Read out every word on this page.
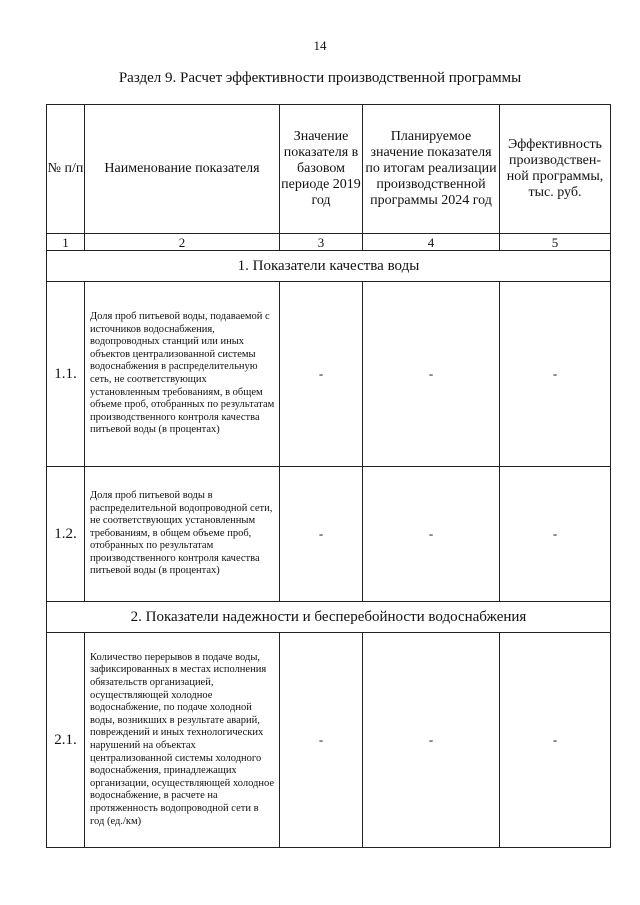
14
Раздел 9. Расчет эффективности производственной программы
№ п/п	Наименование показателя	Значение показателя в базовом периоде 2019 год	Планируемое значение показателя по итогам реализации производственной программы 2024 год	Эффективность производствен-ной программы, тыс. руб.
1	2	3	4	5
1. Показатели качества воды				
1.1.	Доля проб питьевой воды, подаваемой с источников водоснабжения, водопроводных станций или иных объектов централизованной системы водоснабжения в распределительную сеть, не соответствующих установленным требованиям, в общем объеме проб, отобранных по результатам производственного контроля качества питьевой воды (в процентах)	-	-	-
1.2.	Доля проб питьевой воды в распределительной водопроводной сети, не соответствующих установленным требованиям, в общем объеме проб, отобранных по результатам производственного контроля качества питьевой воды (в процентах)	-	-	-
2. Показатели надежности и бесперебойности водоснабжения				
2.1.	Количество перерывов в подаче воды, зафиксированных в местах исполнения обязательств организацией, осуществляющей холодное водоснабжение, по подаче холодной воды, возникших в результате аварий, повреждений и иных технологических нарушений на объектах централизованной системы холодного водоснабжения, принадлежащих организации, осуществляющей холодное водоснабжение, в расчете на протяженность водопроводной сети в год (ед./км)	-	-	-
